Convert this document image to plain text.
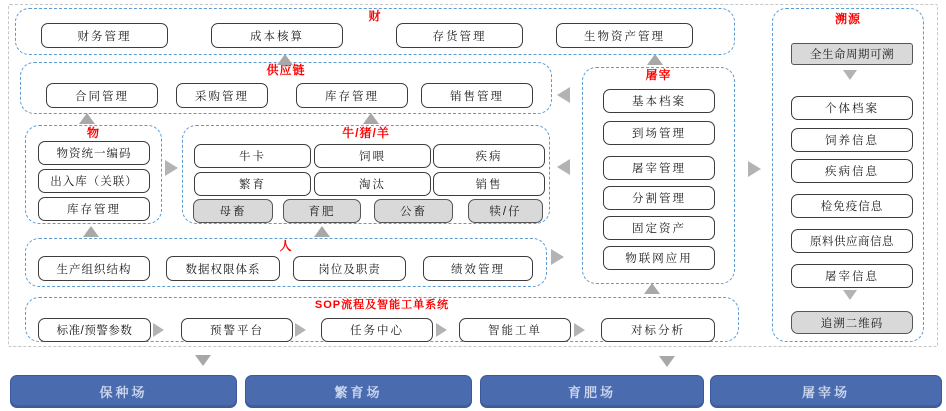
财
财务管理	成本核算	存货管理	生物资产管理
供应链
合同管理	采购管理	库存管理	销售管理
物
物资统一编码
出入库（关联）
库存管理
牛/猪/羊
牛卡	饲喂	疾病
繁育	淘汰	销售
母畜	育肥	公畜	犊/仔
人
生产组织结构	数据权限体系	岗位及职责	绩效管理
SOP流程及智能工单系统
标准/预警参数	预警平台	任务中心	智能工单	对标分析
屠宰
基本档案
到场管理
屠宰管理
分割管理
固定资产
物联网应用
溯源
全生命周期可溯
个体档案
饲养信息
疾病信息
检免疫信息
原料供应商信息
屠宰信息
追溯二维码
保种场	繁育场	育肥场	屠宰场
